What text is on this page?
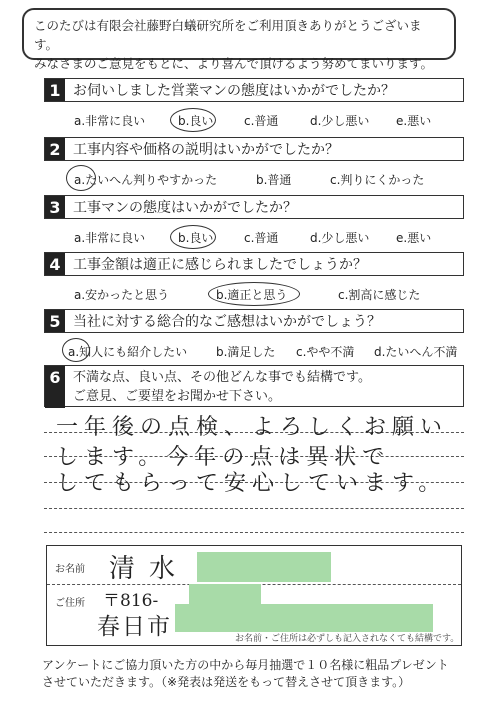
このたびは有限会社藤野白蟻研究所をご利用頂きありがとうございます。
みなさまのご意見をもとに、より喜んで頂けるよう努めてまいります。
1 お伺いしました営業マンの態度はいかがでしたか？
a.非常に良い	b.良い	c.普通	d.少し悪い e.悪い
2 工事内容や価格の説明はいかがでしたか？
a.たいへん判りやすかった	b.普通	c.判りにくかった
3 工事マンの態度はいかがでしたか？
a.非常に良い	b.良い	c.普通	d.少し悪い e.悪い
4 工事金額は適正に感じられましたでしょうか？
a.安かったと思う	b.適正と思う	c.割高に感じた
5 当社に対する総合的なご感想はいかがでしょう？
a.知人にも紹介したい b.満足した c.やや不満 d.たいへん不満
6 不満な点、良い点、その他どんな事でも結構です。
ご意見、ご要望をお聞かせ下さい。
一年後の点検、よろしくお願い
します。今年の点は異状で
してもらって安心しています。
お名前 清水
ご住所 〒816-
春日市	お名前・ご住所は必ずしも記入されなくても結構です。
アンケートにご協力頂いた方の中から毎月抽選で１０名様に粗品プレゼント
させていただきます。（※発表は発送をもって替えさせて頂きます。）
